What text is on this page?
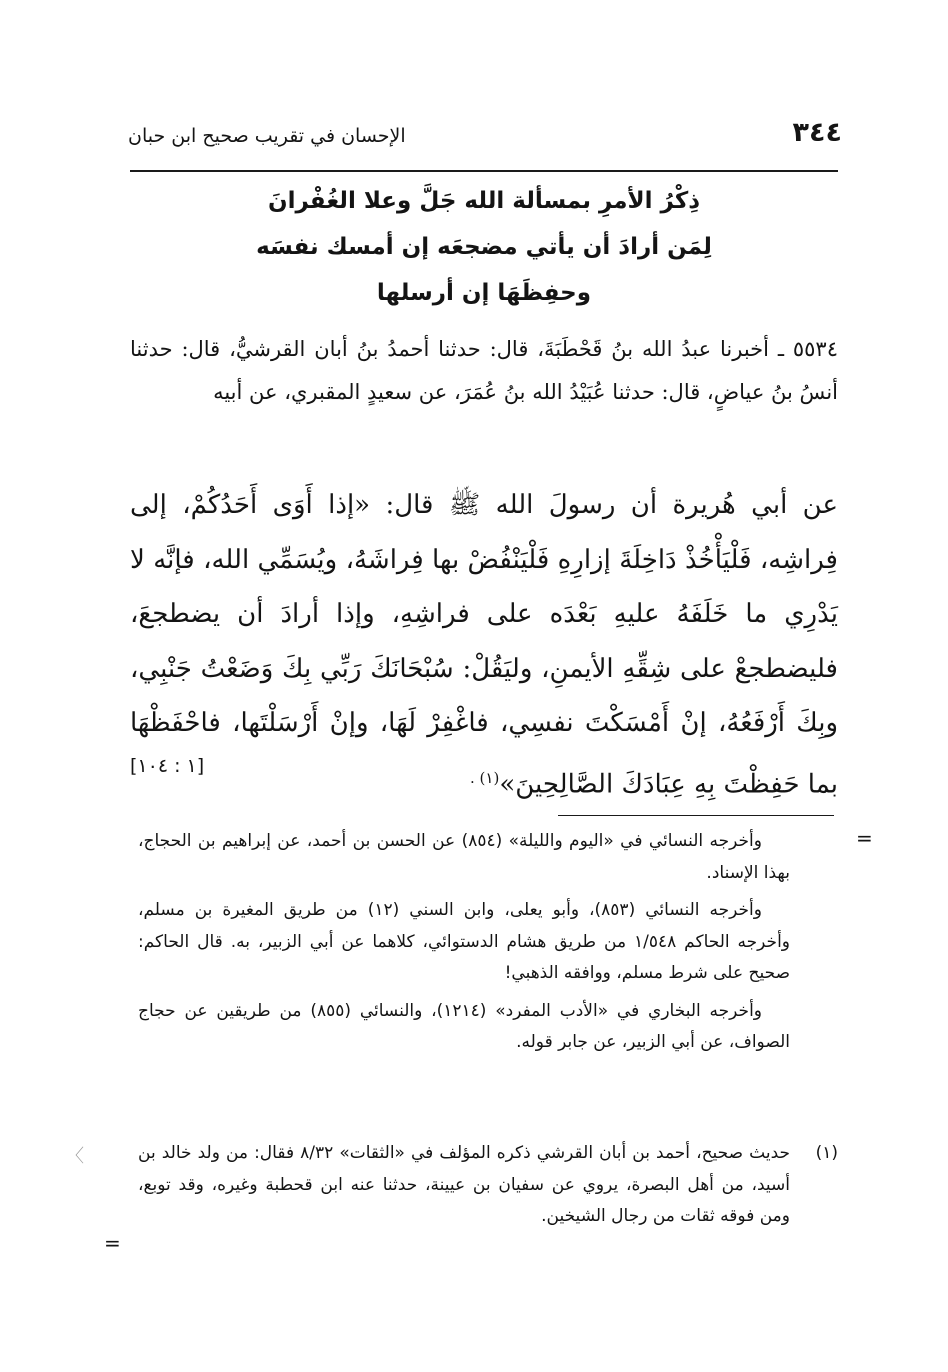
٣٤٤
الإحسان في تقريب صحيح ابن حبان
ذِكْرُ الأمرِ بمسألة الله جَلَّ وعلا الغُفْرانَ
لِمَن أرادَ أن يأتي مضجعَه إن أمسك نفسَه
وحفِظَهَا إن أرسلها
٥٥٣٤ ـ أخبرنا عبدُ الله بنُ قَحْطَبَةَ، قال: حدثنا أحمدُ بنُ أبان القرشيُّ، قال: حدثنا أنسُ بنُ عياضٍ، قال: حدثنا عُبَيْدُ الله بنُ عُمَرَ، عن سعيدٍ المقبري، عن أبيه
عن أبي هُريرة أن رسولَ الله ﷺ قال: «إذا أَوَى أَحَدُكُمْ، إلى فِراشِه، فَلْيَأْخُذْ دَاخِلَةَ إزارِهِ فَلْيَنْفُضْ بها فِراشَهُ، ويُسَمِّي الله، فإنَّه لا يَدْرِي ما خَلَفَهُ عليهِ بَعْدَه على فراشِهِ، وإذا أرادَ أن يضطجعَ، فليضطجعْ على شِقِّهِ الأيمنِ، وليَقُلْ: سُبْحَانَكَ رَبِّي بِكَ وَضَعْتُ جَنْبِي، وبِكَ أَرْفَعُهُ، إنْ أَمْسَكْتَ نفسِي، فاغْفِرْ لَهَا، وإنْ أَرْسَلْتَها، فاحْفَظْهَا بما حَفِظْتَ بِهِ عِبَادَكَ الصَّالِحِينَ»$^{(١) .}$
[١ : ١٠٤]
=

وأخرجه النسائي في «اليوم والليلة» (٨٥٤) عن الحسن بن أحمد، عن إبراهيم بن الحجاج، بهذا الإسناد.

وأخرجه النسائي (٨٥٣)، وأبو يعلى، وابن السني (١٢) من طريق المغيرة بن مسلم، وأخرجه الحاكم ١/٥٤٨ من طريق هشام الدستوائي، كلاهما عن أبي الزبير، به. قال الحاكم: صحيح على شرط مسلم، ووافقه الذهبي!

وأخرجه البخاري في «الأدب المفرد» (١٢١٤)، والنسائي (٨٥٥) من طريقين عن حجاج الصواف، عن أبي الزبير، عن جابر قوله.

(١)
حديث صحيح، أحمد بن أبان القرشي ذكره المؤلف في «الثقات» ٨/٣٢ فقال: من ولد خالد بن أسيد، من أهل البصرة، يروي عن سفيان بن عيينة، حدثنا عنه ابن قحطبة وغيره، وقد توبع، ومن فوقه ثقات من رجال الشيخين.
=
〈
